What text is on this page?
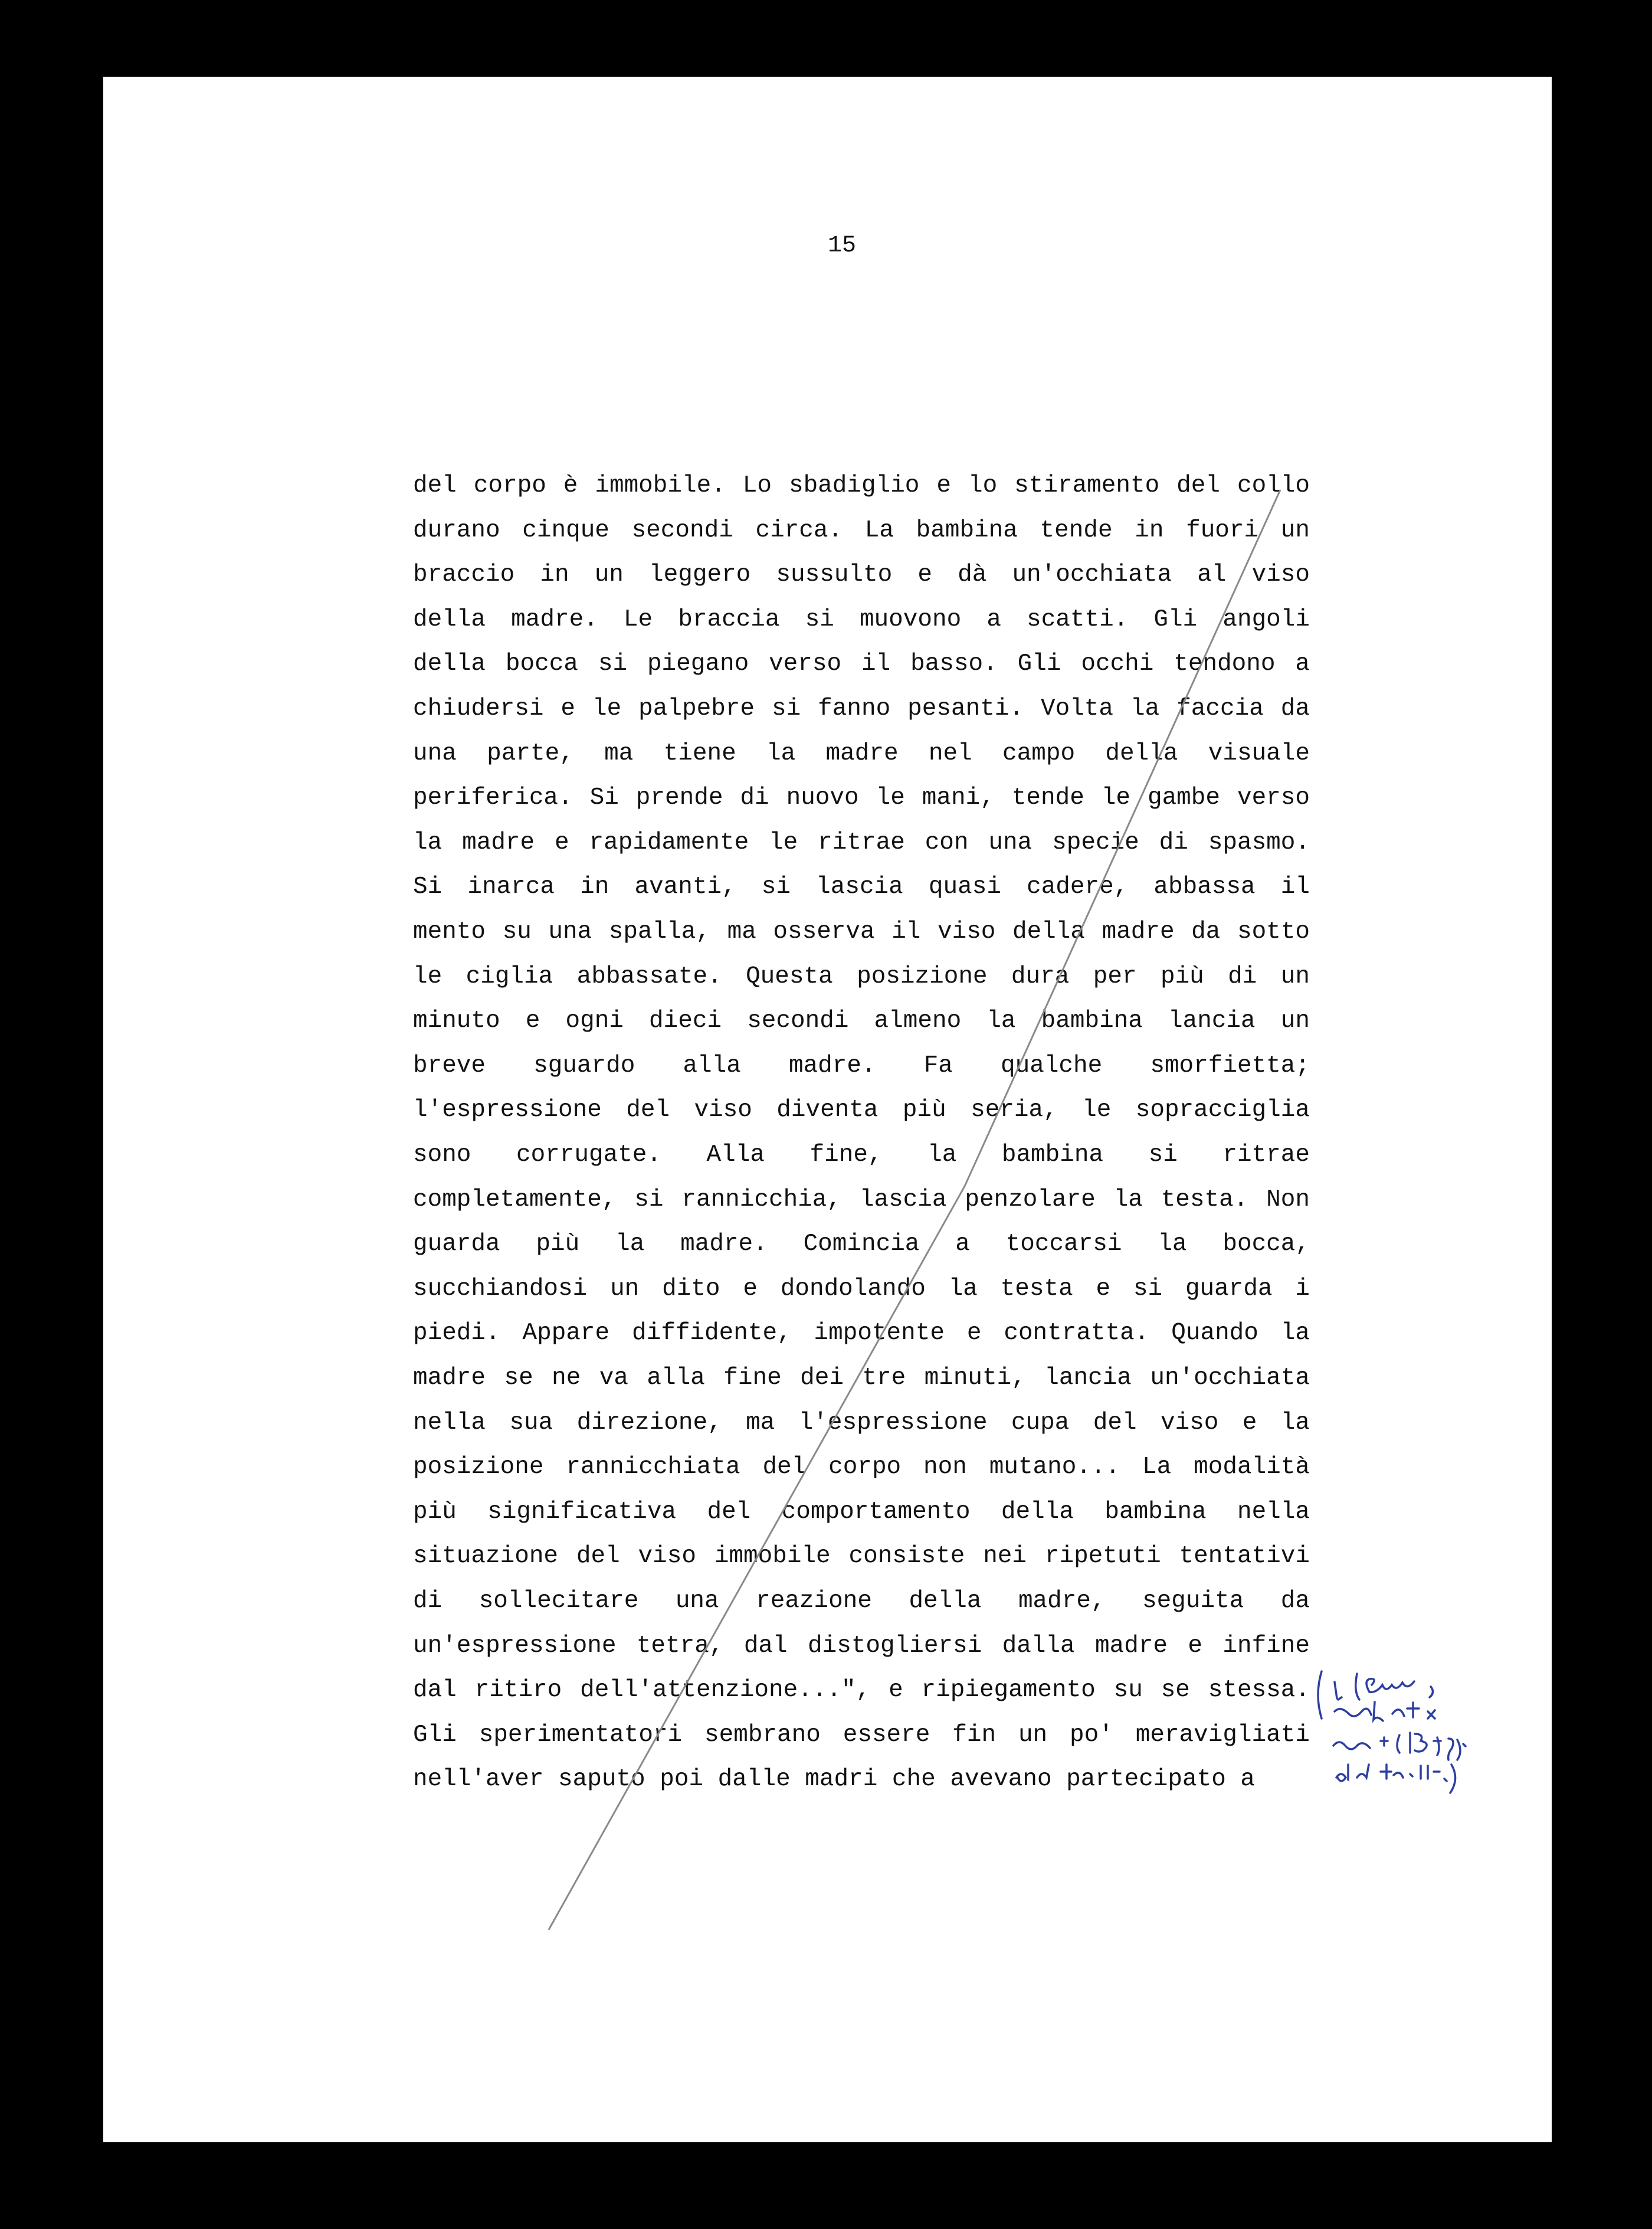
15

del corpo è immobile. Lo sbadiglio e lo stiramento del collo

durano cinque secondi circa. La bambina tende in fuori un

braccio in un leggero sussulto e dà un'occhiata al viso

della madre. Le braccia si muovono a scatti. Gli angoli

della bocca si piegano verso il basso. Gli occhi tendono a

chiudersi e le palpebre si fanno pesanti. Volta la faccia da

una parte, ma tiene la madre nel campo della visuale

periferica. Si prende di nuovo le mani, tende le gambe verso

la madre e rapidamente le ritrae con una specie di spasmo.

Si inarca in avanti, si lascia quasi cadere, abbassa il

mento su una spalla, ma osserva il viso della madre da sotto

le ciglia abbassate. Questa posizione dura per più di un

minuto e ogni dieci secondi almeno la bambina lancia un

breve sguardo alla madre. Fa qualche smorfietta;

l'espressione del viso diventa più seria, le sopracciglia

sono corrugate. Alla fine, la bambina si ritrae

completamente, si rannicchia, lascia penzolare la testa. Non

guarda più la madre. Comincia a toccarsi la bocca,

succhiandosi un dito e dondolando la testa e si guarda i

piedi. Appare diffidente, impotente e contratta. Quando la

madre se ne va alla fine dei tre minuti, lancia un'occhiata

nella sua direzione, ma l'espressione cupa del viso e la

posizione rannicchiata del corpo non mutano... La modalità

più significativa del comportamento della bambina nella

situazione del viso immobile consiste nei ripetuti tentativi

di sollecitare una reazione della madre, seguita da

un'espressione tetra, dal distogliersi dalla madre e infine

dal ritiro dell'attenzione...", e ripiegamento su se stessa.

Gli sperimentatori sembrano essere fin un po' meravigliati

nell'aver saputo poi dalle madri che avevano partecipato a
